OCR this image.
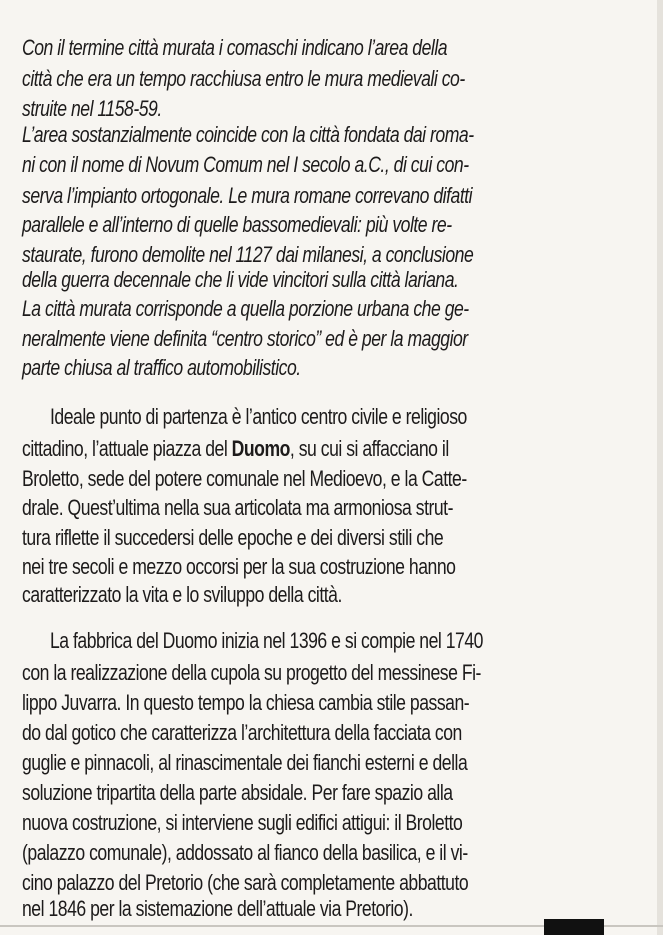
Con il termine città murata i comaschi indicano l’area della
città che era un tempo racchiusa entro le mura medievali co-
struite nel 1158-59.
L’area sostanzialmente coincide con la città fondata dai roma-
ni con il nome di Novum Comum nel I secolo a.C., di cui con-
serva l’impianto ortogonale. Le mura romane correvano difatti
parallele e all’interno di quelle bassomedievali: più volte re-
staurate, furono demolite nel 1127 dai milanesi, a conclusione
della guerra decennale che li vide vincitori sulla città lariana.
La città murata corrisponde a quella porzione urbana che ge-
neralmente viene definita “centro storico” ed è per la maggior
parte chiusa al traffico automobilistico.
Ideale punto di partenza è l’antico centro civile e religioso
cittadino, l’attuale piazza del Duomo, su cui si affacciano il
Broletto, sede del potere comunale nel Medioevo, e la Catte-
drale. Quest’ultima nella sua articolata ma armoniosa strut-
tura riflette il succedersi delle epoche e dei diversi stili che
nei tre secoli e mezzo occorsi per la sua costruzione hanno
caratterizzato la vita e lo sviluppo della città.
La fabbrica del Duomo inizia nel 1396 e si compie nel 1740
con la realizzazione della cupola su progetto del messinese Fi-
lippo Juvarra. In questo tempo la chiesa cambia stile passan-
do dal gotico che caratterizza l’architettura della facciata con
guglie e pinnacoli, al rinascimentale dei fianchi esterni e della
soluzione tripartita della parte absidale. Per fare spazio alla
nuova costruzione, si interviene sugli edifici attigui: il Broletto
(palazzo comunale), addossato al fianco della basilica, e il vi-
cino palazzo del Pretorio (che sarà completamente abbattuto
nel 1846 per la sistemazione dell’attuale via Pretorio).
